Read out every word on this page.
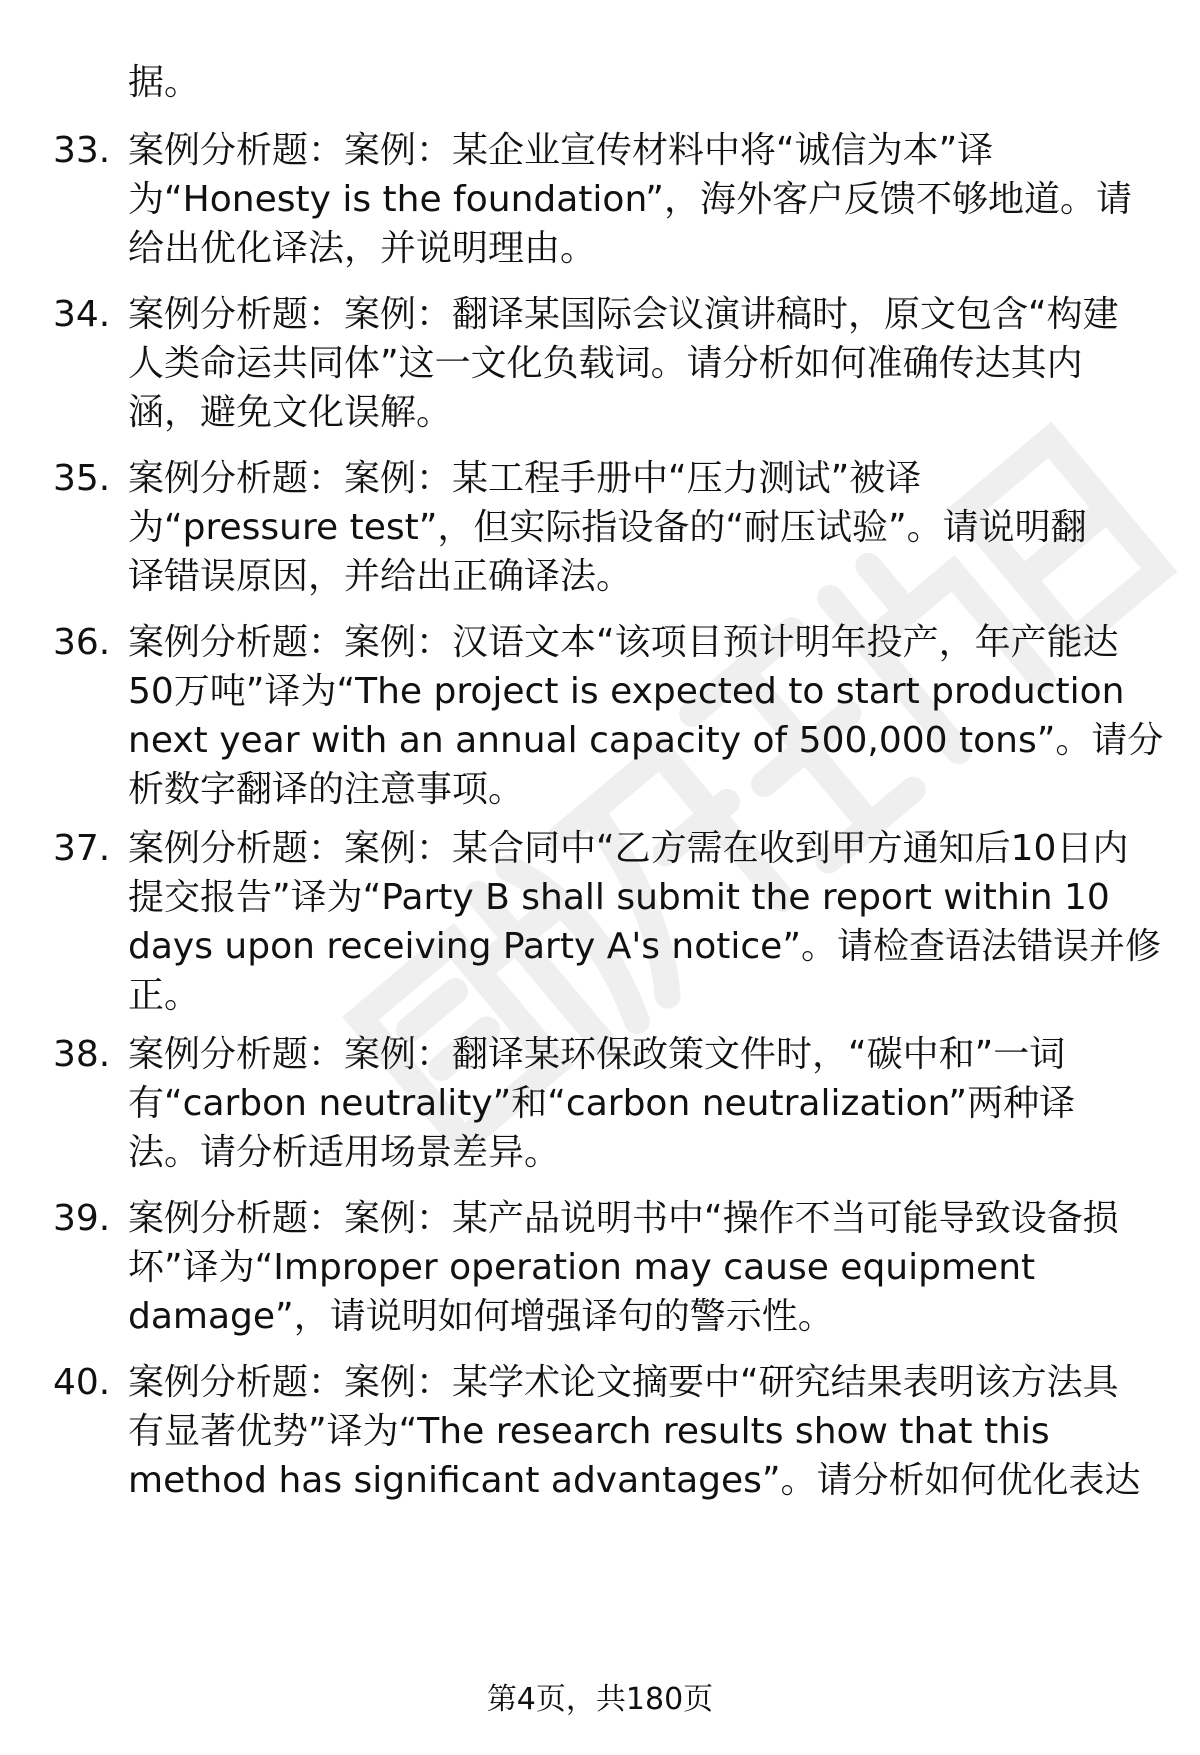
据。
33. 案例分析题：案例：某企业宣传材料中将“诚信为本”译
为“Honesty is the foundation”，海外客户反馈不够地道。请
给出优化译法，并说明理由。
34. 案例分析题：案例：翻译某国际会议演讲稿时，原文包含“构建
人类命运共同体”这一文化负载词。请分析如何准确传达其内
涵，避免文化误解。
35. 案例分析题：案例：某工程手册中“压力测试”被译
为“pressure test”，但实际指设备的“耐压试验”。请说明翻
译错误原因，并给出正确译法。
36. 案例分析题：案例：汉语文本“该项目预计明年投产，年产能达
50万吨”译为“The project is expected to start production
next year with an annual capacity of 500,000 tons”。请分
析数字翻译的注意事项。
37. 案例分析题：案例：某合同中“乙方需在收到甲方通知后10日内
提交报告”译为“Party B shall submit the report within 10
days upon receiving Party A's notice”。请检查语法错误并修
正。
38. 案例分析题：案例：翻译某环保政策文件时，“碳中和”一词
有“carbon neutrality”和“carbon neutralization”两种译
法。请分析适用场景差异。
39. 案例分析题：案例：某产品说明书中“操作不当可能导致设备损
坏”译为“Improper operation may cause equipment
damage”，请说明如何增强译句的警示性。
40. 案例分析题：案例：某学术论文摘要中“研究结果表明该方法具
有显著优势”译为“The research results show that this
method has significant advantages”。请分析如何优化表达
第4页，共180页
